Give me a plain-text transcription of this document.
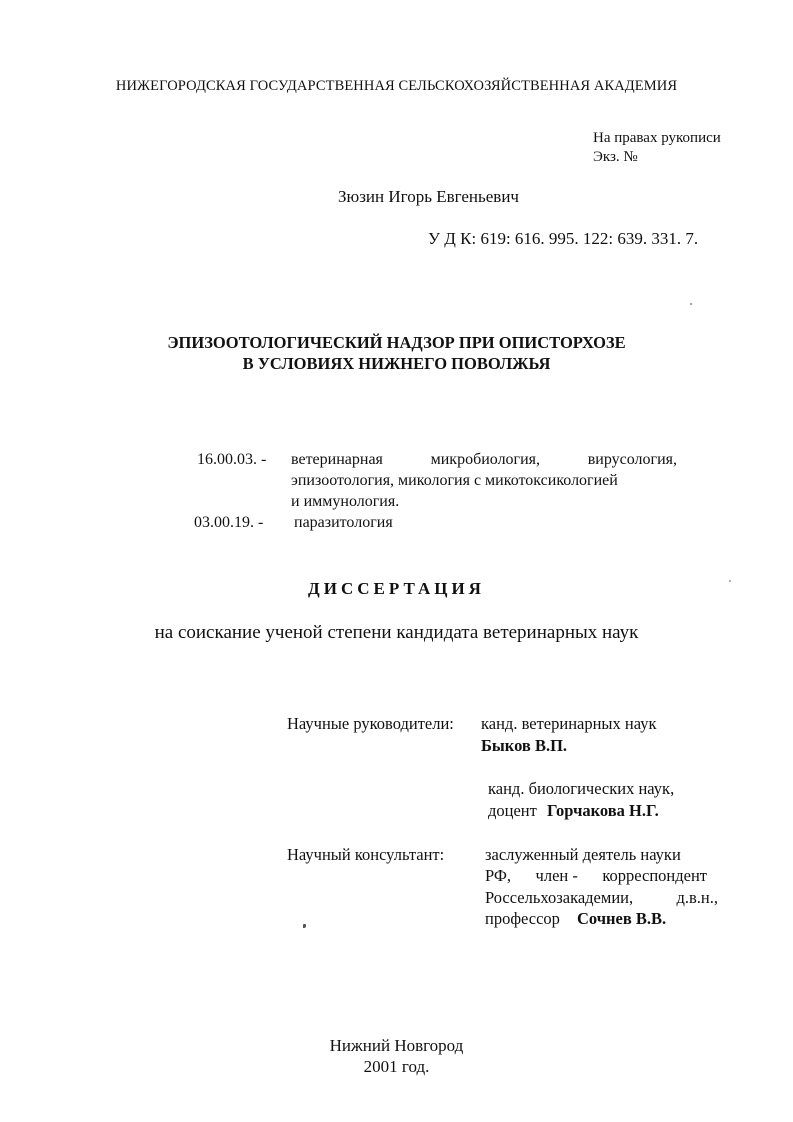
НИЖЕГОРОДСКАЯ ГОСУДАРСТВЕННАЯ СЕЛЬСКОХОЗЯЙСТВЕННАЯ АКАДЕМИЯ
На правах рукописи
Экз. №
Зюзин Игорь Евгеньевич
У Д К: 619: 616. 995. 122: 639. 331. 7.
ЭПИЗООТОЛОГИЧЕСКИЙ НАДЗОР ПРИ ОПИСТОРХОЗЕ
В УСЛОВИЯХ НИЖНЕГО ПОВОЛЖЬЯ
16.00.03. - ветеринарная	микробиология,	вирусология,
эпизоотология, микология с микотоксикологией
и иммунология.
03.00.19. - паразитология
ДИССЕРТАЦИЯ
на соискание ученой степени кандидата ветеринарных наук
Научные руководители: канд. ветеринарных наук
Быков В.П.
канд. биологических наук,
доцент Горчакова Н.Г.
Научный консультант: заслуженный деятель науки
РФ, член - корреспондент
Россельхозакадемии,	д.в.н.,
профессор Сочнев В.В.
Нижний Новгород
2001 год.
